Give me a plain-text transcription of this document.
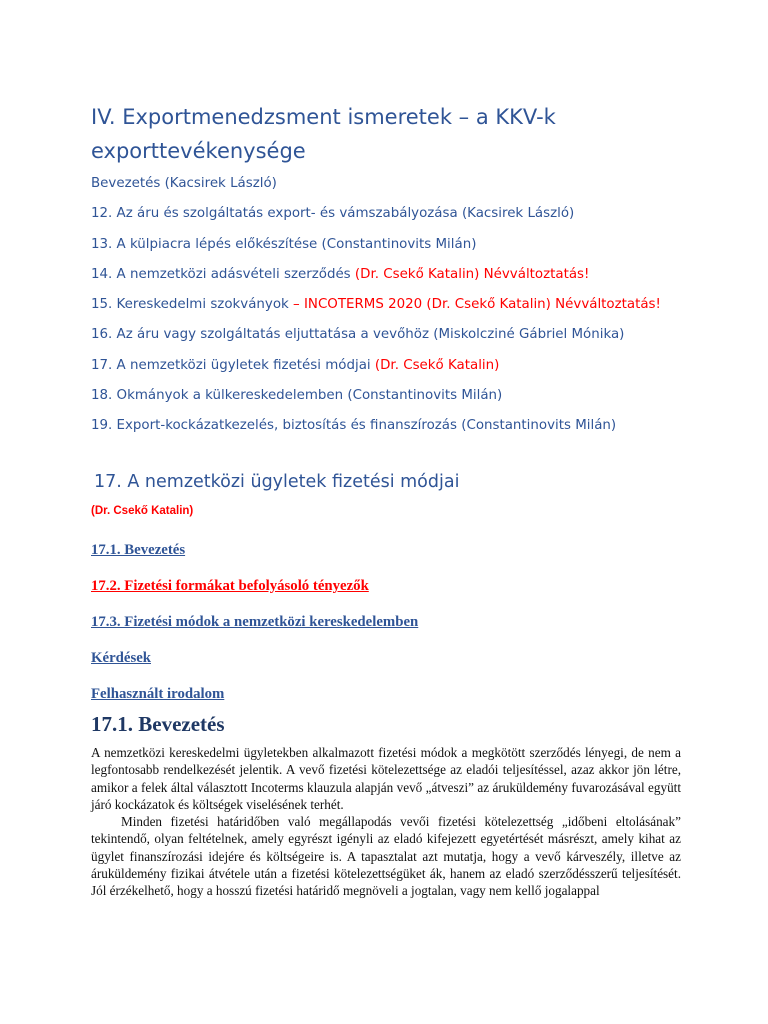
IV. Exportmenedzsment ismeretek – a KKV-k exporttevékenysége
Bevezetés (Kacsirek László)
12. Az áru és szolgáltatás export- és vámszabályozása (Kacsirek László)
13. A külpiacra lépés előkészítése (Constantinovits Milán)
14. A nemzetközi adásvételi szerződés (Dr. Csekő Katalin) Névváltoztatás!
15. Kereskedelmi szokványok – INCOTERMS 2020 (Dr. Csekő Katalin) Névváltoztatás!
16. Az áru vagy szolgáltatás eljuttatása a vevőhöz (Miskolcziné Gábriel Mónika)
17. A nemzetközi ügyletek fizetési módjai (Dr. Csekő Katalin)
18. Okmányok a külkereskedelemben (Constantinovits Milán)
19. Export-kockázatkezelés, biztosítás és finanszírozás (Constantinovits Milán)
17. A nemzetközi ügyletek fizetési módjai
(Dr. Csekő Katalin)
17.1. Bevezetés
17.2. Fizetési formákat befolyásoló tényezők
17.3. Fizetési módok a nemzetközi kereskedelemben
Kérdések
Felhasznált irodalom
17.1. Bevezetés

A nemzetközi kereskedelmi ügyletekben alkalmazott fizetési módok a megkötött szerződés lényegi, de nem a legfontosabb rendelkezését jelentik. A vevő fizetési kötelezettsége az eladói teljesítéssel, azaz akkor jön létre, amikor a felek által választott Incoterms klauzula alapján vevő „átveszi” az áruküldemény fuvarozásával együtt járó kockázatok és költségek viselésének terhét.

Minden fizetési határidőben való megállapodás vevői fizetési kötelezettség „időbeni eltolásának” tekintendő, olyan feltételnek, amely egyrészt igényli az eladó kifejezett egyetértését másrészt, amely kihat az ügylet finanszírozási idejére és költségeire is. A tapasztalat azt mutatja, hogy a vevő kárveszély, illetve az áruküldemény fizikai átvétele után a fizetési kötelezettségüket ák, hanem az eladó szerződésszerű teljesítését. Jól érzékelhető, hogy a hosszú fizetési határidő megnöveli a jogtalan, vagy nem kellő jogalappal
